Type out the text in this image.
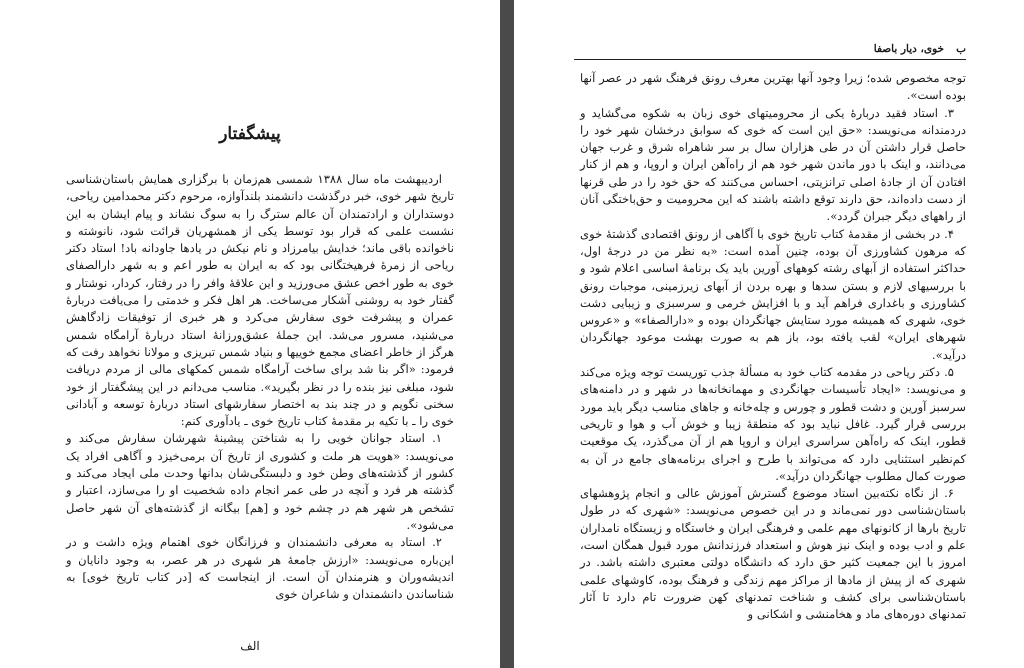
پیشگفتار

اردیبهشت ماه سال ۱۳۸۸ شمسی هم‌زمان با برگزاری همایش باستان‌شناسی تاریخ شهر خوی، خبر درگذشت دانشمند بلندآوازه، مرحوم دکتر محمدامین ریاحی، دوستداران و ارادتمندان آن عالم سترگ را به سوگ نشاند و پیام ایشان به این نشست علمی که قرار بود توسط یکی از همشهریان قرائت شود، نانوشته و ناخوانده باقی ماند؛ خدایش بیامرزاد و نام نیکش در یادها جاودانه باد! استاد دکتر ریاحی از زمرهٔ فرهیختگانی بود که به ایران به طور اعم و به شهر دارالصفای خوی به طور اخص عشق می‌ورزید و این علاقهٔ وافر را در رفتار، کردار، نوشتار و گفتار خود به روشنی آشکار می‌ساخت. هر اهل فکر و خدمتی را می‌یافت دربارهٔ عمران و پیشرفت خوی سفارش می‌کرد و هر خبری از توفیقات زادگاهش می‌شنید، مسرور می‌شد. این جملهٔ عشق‌ورزانهٔ استاد دربارهٔ آرامگاه شمس هرگز از خاطر اعضای مجمع خوییها و بنیاد شمس تبریزی و مولانا نخواهد رفت که فرمود: «اگر بنا شد برای ساخت آرامگاه شمس کمکهای مالی از مردم دریافت شود، مبلغی نیز بنده را در نظر بگیرید». مناسب می‌دانم در این پیشگفتار از خود سخنی نگویم و در چند بند به اختصار سفارشهای استاد دربارهٔ توسعه و آبادانی خوی را ـ با تکیه بر مقدمهٔ کتاب تاریخ خوی ـ یادآوری کنم:

۱. استاد جوانان خویی را به شناختن پیشینهٔ شهرشان سفارش می‌کند و می‌نویسد: «هویت هر ملت و کشوری از تاریخ آن برمی‌خیزد و آگاهی افراد یک کشور از گذشته‌های وطن خود و دلبستگی‌شان بدانها وحدت ملی ایجاد می‌کند و گذشته هر فرد و آنچه در طی عمر انجام داده شخصیت او را می‌سازد، اعتبار و تشخص هر شهر هم در چشم خود و [هم] بیگانه از گذشته‌های آن شهر حاصل می‌شود».

۲. استاد به معرفی دانشمندان و فرزانگان خوی اهتمام ویژه داشت و در این‌باره می‌نویسد: «ارزش جامعهٔ هر شهری در هر عصر، به وجود دانایان و اندیشه‌وران و هنرمندان آن است. از اینجاست که [در کتاب تاریخ خوی] به شناساندن دانشمندان و شاعران خوی

الف
ب
خوی، دیار باصفا

توجه مخصوص شده؛ زیرا وجود آنها بهترین معرف رونق فرهنگ شهر در عصر آنها بوده است».

۳. استاد فقید دربارهٔ یکی از محرومیتهای خوی زبان به شکوه می‌گشاید و دردمندانه می‌نویسد: «حق این است که خوی که سوابق درخشان شهر خود را حاصل قرار داشتن آن در طی هزاران سال بر سر شاهراه شرق و غرب جهان می‌دانند، و اینک با دور ماندن شهر خود هم از راه‌آهن ایران و اروپا، و هم از کنار افتادن آن از جادهٔ اصلی ترانزیتی، احساس می‌کنند که حق خود را در طی قرنها از دست داده‌اند، حق دارند توقع داشته باشند که این محرومیت و حق‌باختگی آنان از راههای دیگر جبران گردد».

۴. در بخشی از مقدمهٔ کتاب تاریخ خوی با آگاهی از رونق اقتصادی گذشتهٔ خوی که مرهون کشاورزی آن بوده، چنین آمده است: «به نظر من در درجهٔ اول، حداکثر استفاده از آبهای رشته کوههای آورین باید یک برنامهٔ اساسی اعلام شود و با بررسیهای لازم و بستن سدها و بهره بردن از آبهای زیرزمینی، موجبات رونق کشاورزی و باغداری فراهم آید و با افزایش خرمی و سرسبزی و زیبایی دشت خوی، شهری که همیشه مورد ستایش جهانگردان بوده و «دارالصفاء» و «عروس شهرهای ایران» لقب یافته بود، باز هم به صورت بهشت موعود جهانگردان درآید».

۵. دکتر ریاحی در مقدمه کتاب خود به مسألهٔ جذب توریست توجه ویژه می‌کند و می‌نویسد: «ایجاد تأسیسات جهانگردی و مهمانخانه‌ها در شهر و در دامنه‌های سرسبز آورین و دشت قطور و چورس و چله‌خانه و جاهای مناسب دیگر باید مورد بررسی قرار گیرد. غافل نباید بود که منطقهٔ زیبا و خوش آب و هوا و تاریخی قطور، اینک که راه‌آهن سراسری ایران و اروپا هم از آن می‌گذرد، یک موقعیت کم‌نظیر استثنایی دارد که می‌تواند با طرح و اجرای برنامه‌های جامع در آن به صورت کمال مطلوب جهانگردان درآید».

۶. از نگاه نکته‌بین استاد موضوع گسترش آموزش عالی و انجام پژوهشهای باستان‌شناسی دور نمی‌ماند و در این خصوص می‌نویسد: «شهری که در طول تاریخ بارها از کانونهای مهم علمی و فرهنگی ایران و خاستگاه و زیستگاه نامداران علم و ادب بوده و اینک نیز هوش و استعداد فرزندانش مورد قبول همگان است، امروز با این جمعیت کثیر حق دارد که دانشگاه دولتی معتبری داشته باشد. در شهری که از پیش از مادها از مراکز مهم زندگی و فرهنگ بوده، کاوشهای علمی باستان‌شناسی برای کشف و شناخت تمدنهای کهن ضرورت تام دارد تا آثار تمدنهای دوره‌های ماد و هخامنشی و اشکانی و
